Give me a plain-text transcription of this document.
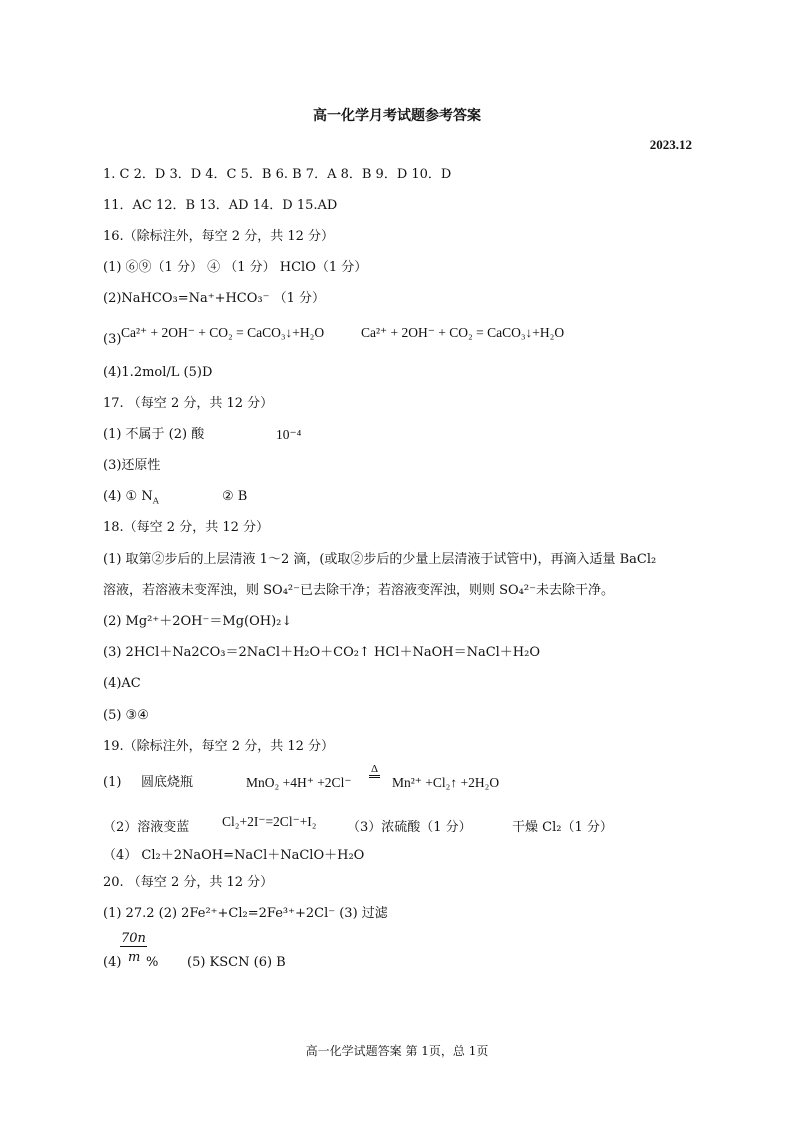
高一化学月考试题参考答案
2023.12
1. C 2．D 3．D 4．C 5．B 6. B 7．A 8．B 9．D 10．D
11．AC 12．B 13．AD 14．D 15.AD
16.（除标注外，每空 2 分，共 12 分）
(1) ⑥⑨（1 分） ④ （1 分） HClO（1 分）
(2)NaHCO₃=Na⁺+HCO₃⁻ （1 分）
(3) Ca²⁺ + 2OH⁻ + CO₂ = CaCO₃↓+H₂O	Ca²⁺ + 2OH⁻ + CO₂ = CaCO₃↓+H₂O
(4)1.2mol/L (5)D
17. （每空 2 分，共 12 分）
(1) 不属于 (2) 酸	10⁻⁴
(3)还原性
(4) ① $N_A$	② B
18.（每空 2 分，共 12 分）
(1) 取第②步后的上层清液 1～2 滴，(或取②步后的少量上层清液于试管中)，再滴入适量 BaCl₂
溶液，若溶液未变浑浊，则 SO₄²⁻已去除干净；若溶液变浑浊，则则 SO₄²⁻未去除干净。
(2) Mg²⁺＋2OH⁻＝Mg(OH)₂↓
(3) 2HCl＋Na2CO₃＝2NaCl＋H₂O＋CO₂↑ HCl＋NaOH＝NaCl＋H₂O
(4)AC
(5) ③④
19.（除标注外，每空 2 分，共 12 分）
(1) 圆底烧瓶	MnO₂ +4H⁺ +2Cl⁻
Δ
Mn²⁺ +Cl₂↑ +2H₂O
（2）溶液变蓝 Cl₂+2I⁻=2Cl⁻+I₂ （3）浓硫酸（1 分）	干燥 Cl₂（1 分）
（4） Cl₂＋2NaOH=NaCl＋NaClO＋H₂O
20. （每空 2 分，共 12 分）
(1) 27.2 (2) 2Fe²⁺+Cl₂=2Fe³⁺+2Cl⁻ (3) 过滤
70n
(4) m % (5) KSCN (6) B
高一化学试题答案 第 1页，总 1页
